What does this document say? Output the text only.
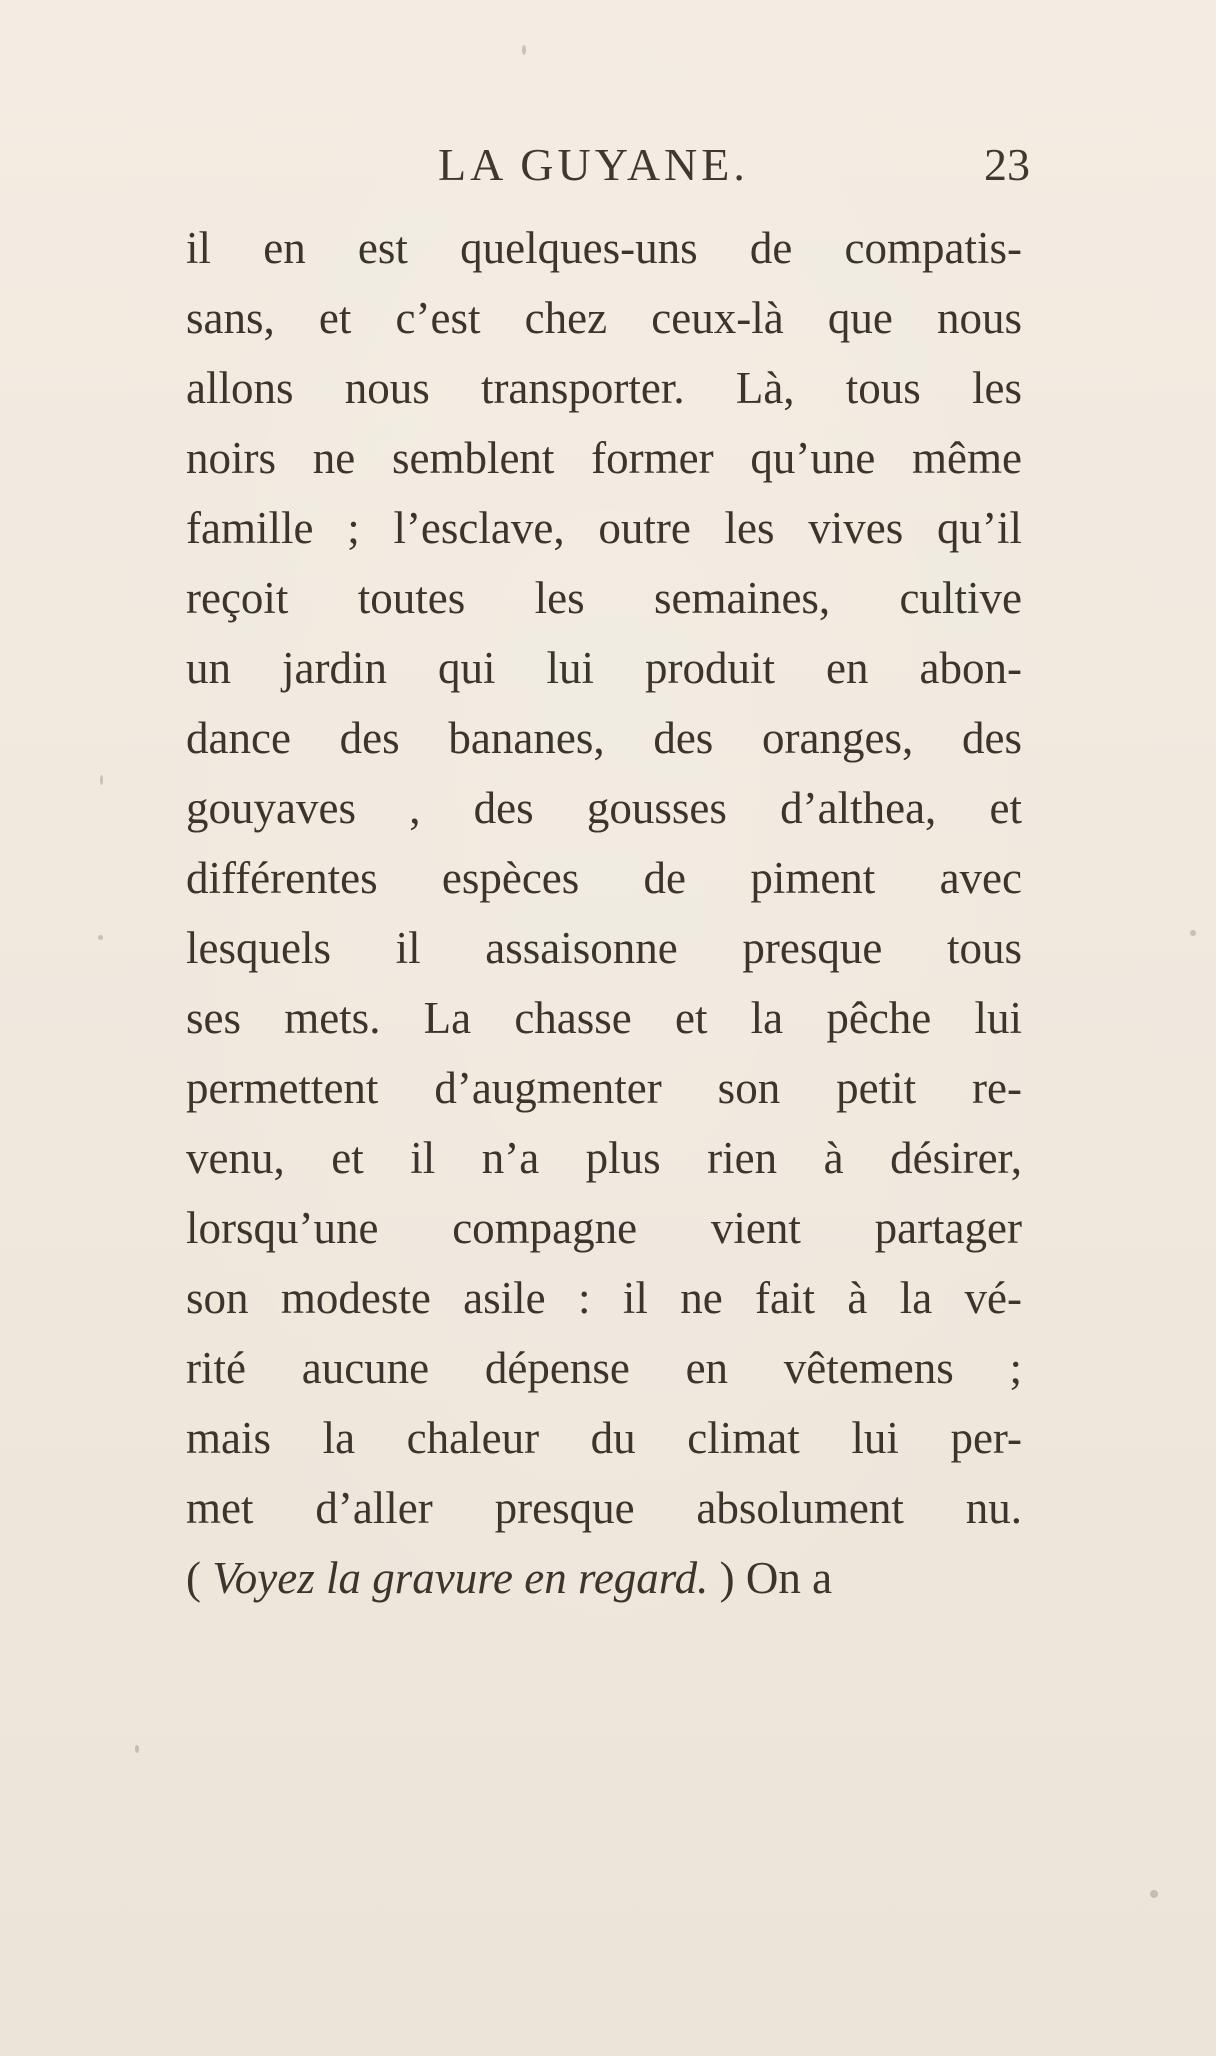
LA GUYANE.	23
il en est quelques-uns de compatis-
sans, et c’est chez ceux-là que nous
allons nous transporter. Là, tous les
noirs ne semblent former qu’une même
famille ; l’esclave, outre les vives qu’il
reçoit toutes les semaines, cultive
un jardin qui lui produit en abon-
dance des bananes, des oranges, des
gouyaves , des gousses d’althea, et
différentes espèces de piment avec
lesquels il assaisonne presque tous
ses mets. La chasse et la pêche lui
permettent d’augmenter son petit re-
venu, et il n’a plus rien à désirer,
lorsqu’une compagne vient partager
son modeste asile : il ne fait à la vé-
rité aucune dépense en vêtemens ;
mais la chaleur du climat lui per-
met d’aller presque absolument nu.
( Voyez la gravure en regard. ) On a
